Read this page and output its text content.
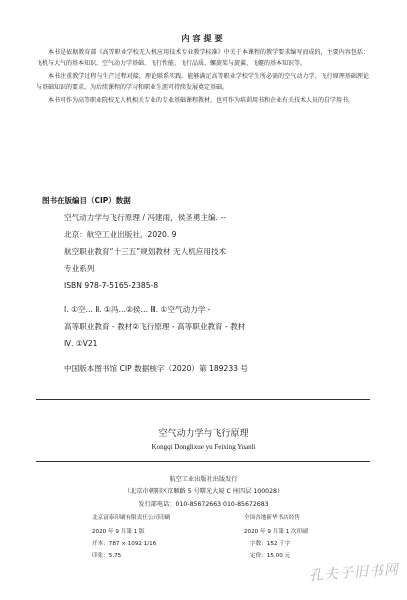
内容提要

本书是依据教育部《高等职业学校无人机应用技术专业教学标准》中关于本课程的教学要求编写而成的，主要内容包括：飞机与大气的基本知识、空气动力学基础、飞行性能、飞行品质、螺旋桨与旋翼、飞艇的基本知识等。

本书注重教学过程与生产过程对接，理论联系实践。能够满足高等职业学校学生所必需的空气动力学、飞行原理基础理论与基础知识的要求，为后续课程的学习和职业生涯可持续发展奠定基础。

本书可作为高等职业院校无人机相关专业的专业基础课程教材，也可作为培训用书和企业有关技术人员的自学用书。

图书在版编目（CIP）数据
空气动力学与飞行原理 / 冯建雨，侯圣勇主编. --
北京：航空工业出版社，2020. 9
航空职业教育“十三五”规划教材 无人机应用技术
专业系列
ISBN 978-7-5165-2385-8
Ⅰ. ①空… Ⅱ. ①冯…②侯… Ⅲ. ①空气动力学 -
高等职业教育 - 教材②飞行原理 - 高等职业教育 - 教材
Ⅳ. ①V21
中国版本图书馆 CIP 数据核字（2020）第 189233 号
空气动力学与飞行原理
Kongqi Donglixue yu Feixing Yuanli
航空工业出版社出版发行
（北京市朝阳区京顺路 5 号曙光大厦 C 座四层 100028）
发行部电话：010-85672663 010-85672683
北京富泰印刷有限责任公司印刷	全国各地新华书店经售
2020 年 9 月第 1 版	2020 年 9 月第 1 次印刷
开本：787 × 1092 1/16	字数：152 千字
印张：5.75	定价：15.00 元
孔夫子旧书网
